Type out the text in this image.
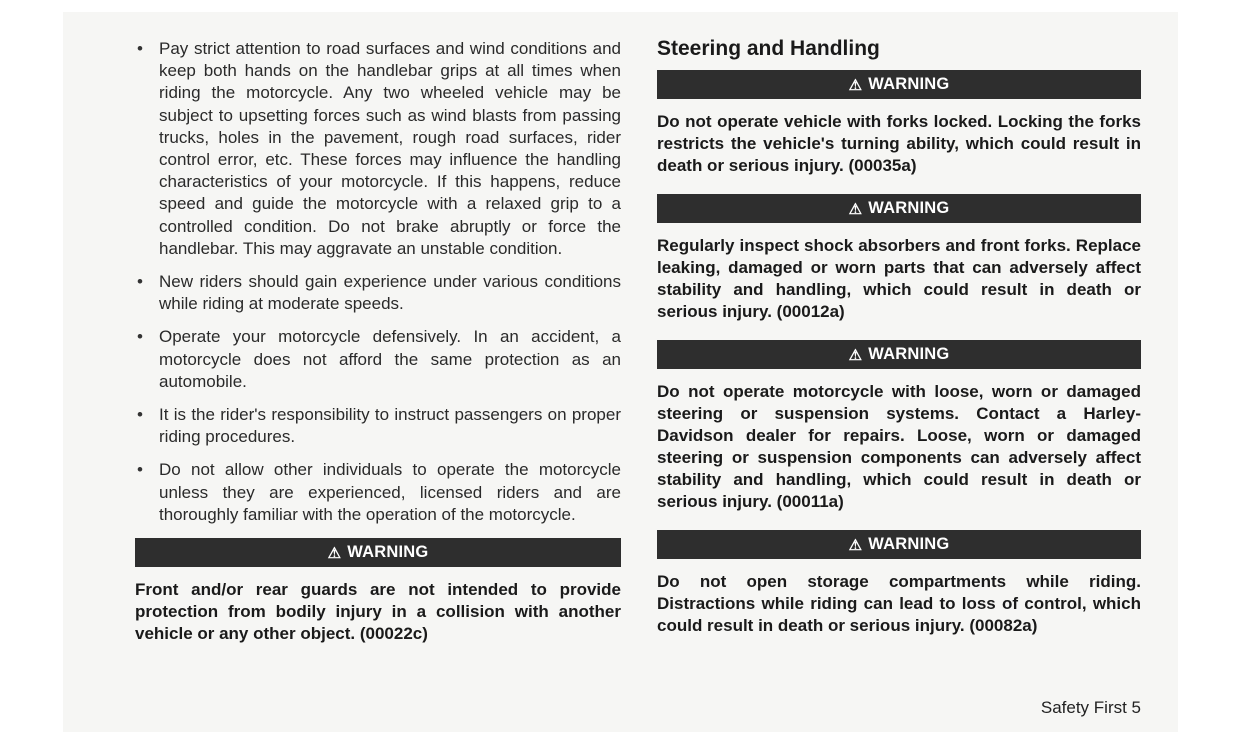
• Pay strict attention to road surfaces and wind conditions and keep both hands on the handlebar grips at all times when riding the motorcycle. Any two wheeled vehicle may be subject to upsetting forces such as wind blasts from passing trucks, holes in the pavement, rough road surfaces, rider control error, etc. These forces may influence the handling characteristics of your motorcycle. If this happens, reduce speed and guide the motorcycle with a relaxed grip to a controlled condition. Do not brake abruptly or force the handlebar. This may aggravate an unstable condition.
• New riders should gain experience under various conditions while riding at moderate speeds.
• Operate your motorcycle defensively. In an accident, a motorcycle does not afford the same protection as an automobile.
• It is the rider's responsibility to instruct passengers on proper riding procedures.
• Do not allow other individuals to operate the motorcycle unless they are experienced, licensed riders and are thoroughly familiar with the operation of the motorcycle.
⚠ WARNING
Front and/or rear guards are not intended to provide protection from bodily injury in a collision with another vehicle or any other object. (00022c)
Steering and Handling
⚠ WARNING
Do not operate vehicle with forks locked. Locking the forks restricts the vehicle's turning ability, which could result in death or serious injury. (00035a)
⚠ WARNING
Regularly inspect shock absorbers and front forks. Replace leaking, damaged or worn parts that can adversely affect stability and handling, which could result in death or serious injury. (00012a)
⚠ WARNING
Do not operate motorcycle with loose, worn or damaged steering or suspension systems. Contact a Harley-Davidson dealer for repairs. Loose, worn or damaged steering or suspension components can adversely affect stability and handling, which could result in death or serious injury. (00011a)
⚠ WARNING
Do not open storage compartments while riding. Distractions while riding can lead to loss of control, which could result in death or serious injury. (00082a)
Safety First 5
